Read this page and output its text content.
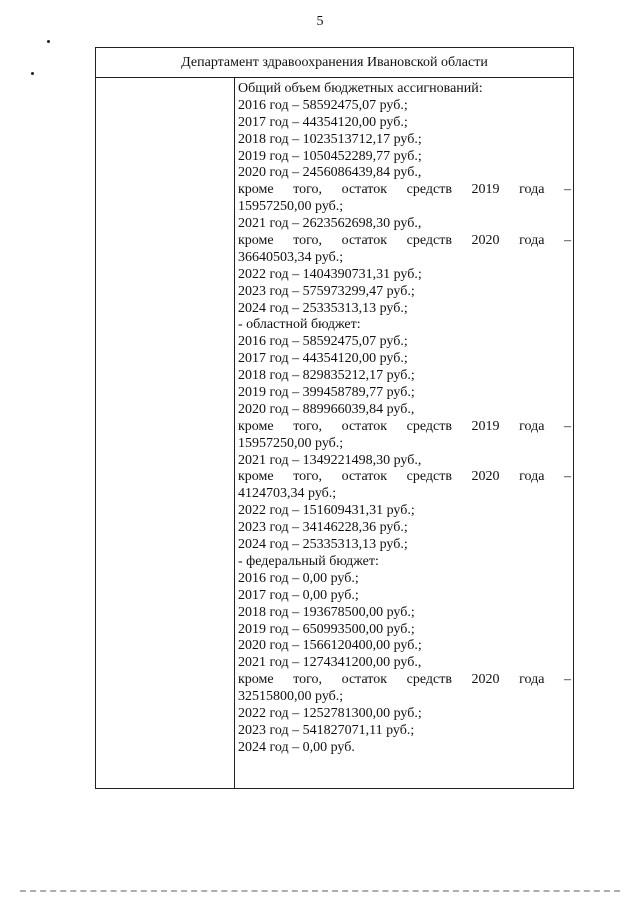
5
Департамент здравоохранения Ивановской области
Общий объем бюджетных ассигнований:
2016 год – 58592475,07 руб.;
2017 год – 44354120,00 руб.;
2018 год – 1023513712,17 руб.;
2019 год – 1050452289,77 руб.;
2020 год – 2456086439,84 руб.,
кроме того, остаток средств 2019 года –
15957250,00 руб.;
2021 год – 2623562698,30 руб.,
кроме того, остаток средств 2020 года –
36640503,34 руб.;
2022 год – 1404390731,31 руб.;
2023 год – 575973299,47 руб.;
2024 год – 25335313,13 руб.;
- областной бюджет:
2016 год – 58592475,07 руб.;
2017 год – 44354120,00 руб.;
2018 год – 829835212,17 руб.;
2019 год – 399458789,77 руб.;
2020 год – 889966039,84 руб.,
кроме того, остаток средств 2019 года –
15957250,00 руб.;
2021 год – 1349221498,30 руб.,
кроме того, остаток средств 2020 года –
4124703,34 руб.;
2022 год – 151609431,31 руб.;
2023 год – 34146228,36 руб.;
2024 год – 25335313,13 руб.;
- федеральный бюджет:
2016 год – 0,00 руб.;
2017 год – 0,00 руб.;
2018 год – 193678500,00 руб.;
2019 год – 650993500,00 руб.;
2020 год – 1566120400,00 руб.;
2021 год – 1274341200,00 руб.,
кроме того, остаток средств 2020 года –
32515800,00 руб.;
2022 год – 1252781300,00 руб.;
2023 год – 541827071,11 руб.;
2024 год – 0,00 руб.
